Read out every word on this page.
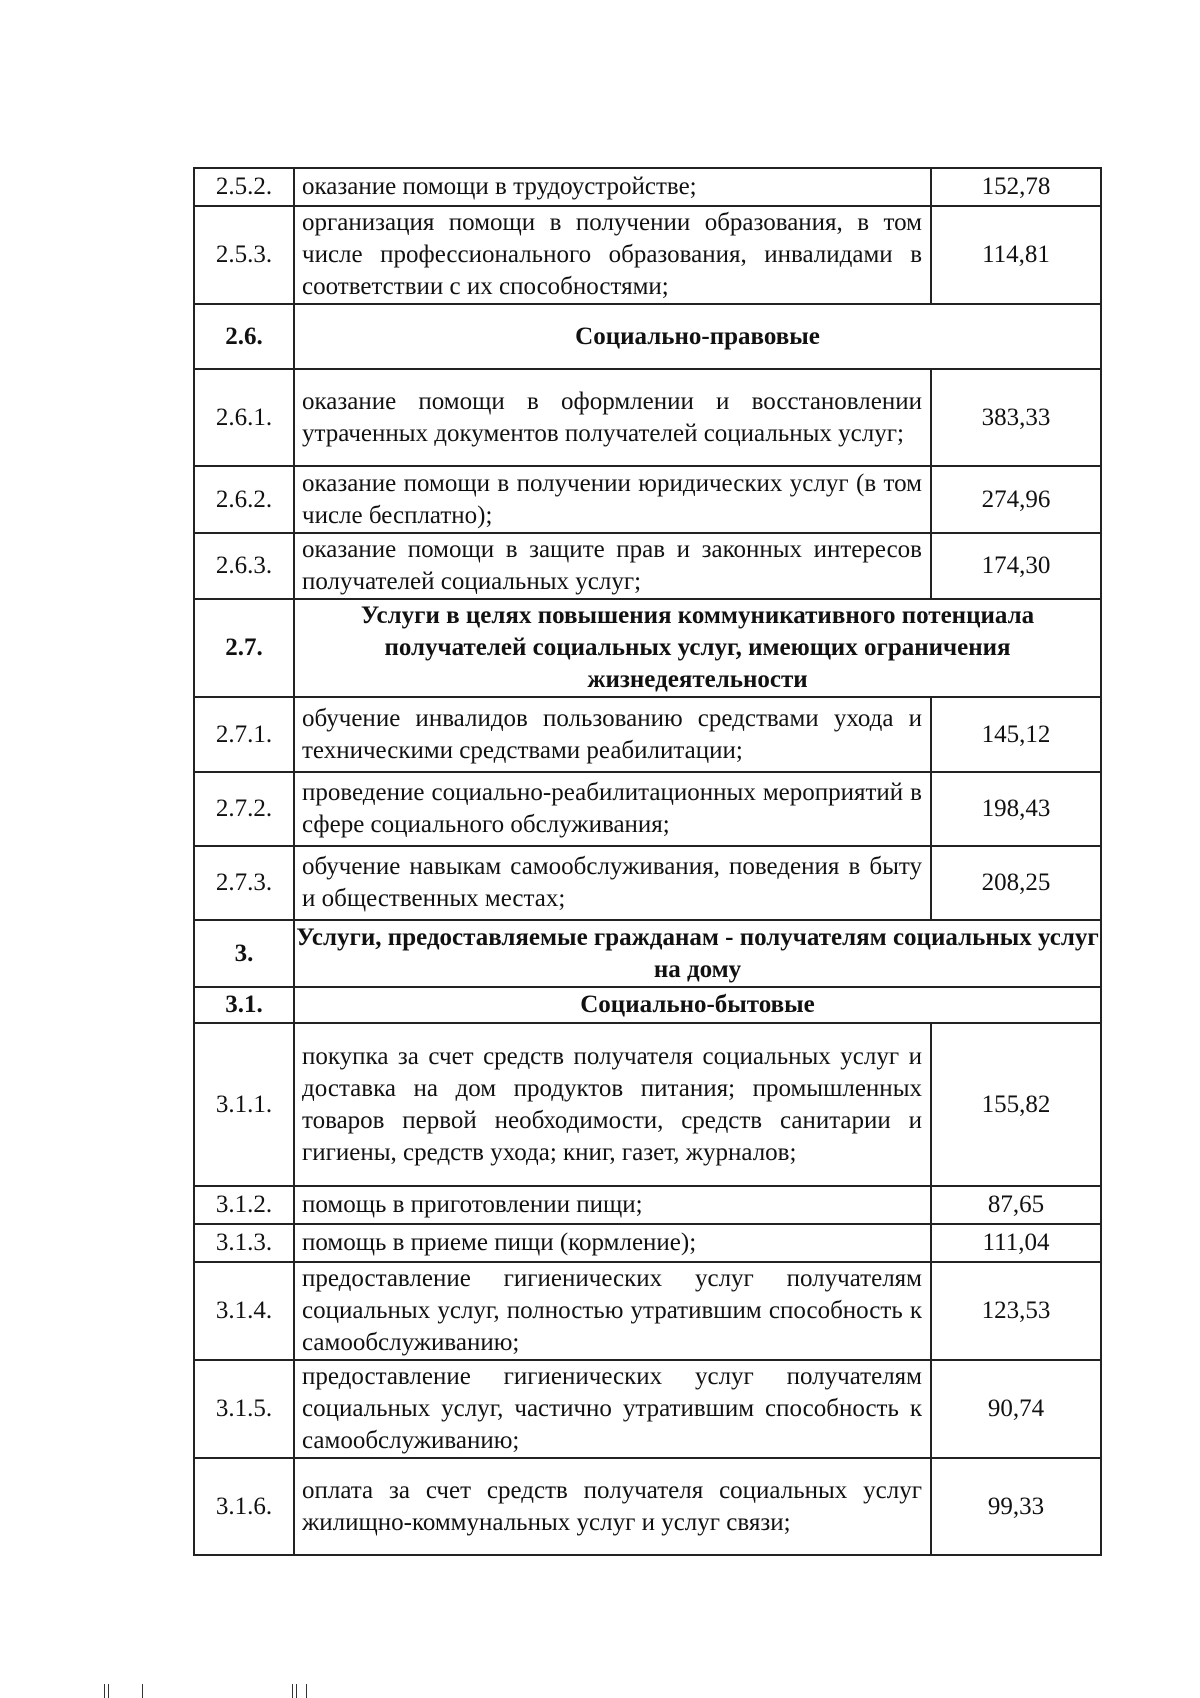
2.5.2.	оказание помощи в трудоустройстве;	152,78
2.5.3.	организация помощи в получении образования, в том числе профессионального образования, инвалидами в соответствии с их способностями;	114,81
2.6.	Социально-правовые	
2.6.1.	оказание помощи в оформлении и восстановлении утраченных документов получателей социальных услуг;	383,33
2.6.2.	оказание помощи в получении юридических услуг (в том числе бесплатно);	274,96
2.6.3.	оказание помощи в защите прав и законных интересов получателей социальных услуг;	174,30
2.7.	Услуги в целях повышения коммуникативного потенциала получателей социальных услуг, имеющих ограничения жизнедеятельности	
2.7.1.	обучение инвалидов пользованию средствами ухода и техническими средствами реабилитации;	145,12
2.7.2.	проведение социально-реабилитационных мероприятий в сфере социального обслуживания;	198,43
2.7.3.	обучение навыкам самообслуживания, поведения в быту и общественных местах;	208,25
3.	Услуги, предоставляемые гражданам - получателям социальных услуг на дому	
3.1.	Социально-бытовые	
3.1.1.	покупка за счет средств получателя социальных услуг и доставка на дом продуктов питания; промышленных товаров первой необходимости, средств санитарии и гигиены, средств ухода; книг, газет, журналов;	155,82
3.1.2.	помощь в приготовлении пищи;	87,65
3.1.3.	помощь в приеме пищи (кормление);	111,04
3.1.4.	предоставление гигиенических услуг получателям социальных услуг, полностью утратившим способность к самообслуживанию;	123,53
3.1.5.	предоставление гигиенических услуг получателям социальных услуг, частично утратившим способность к самообслуживанию;	90,74
3.1.6.	оплата за счет средств получателя социальных услуг жилищно-коммунальных услуг и услуг связи;	99,33
